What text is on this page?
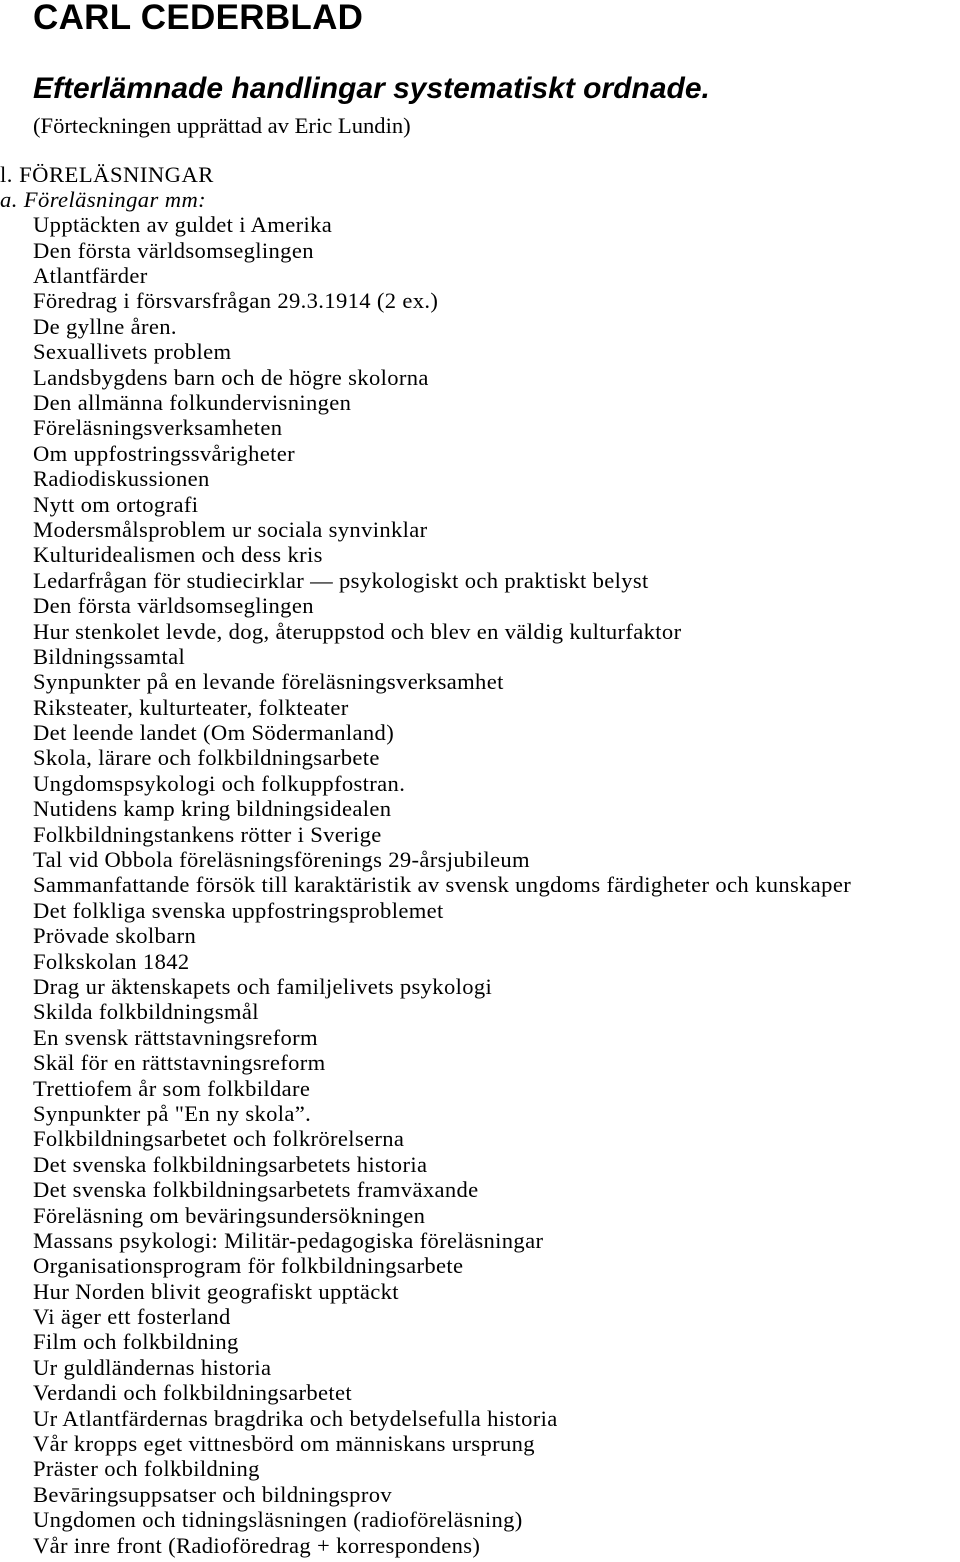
CARL CEDERBLAD
Efterlämnade handlingar systematiskt ordnade.

(Förteckningen upprättad av Eric Lundin)

l. FÖRELÄSNINGAR
a. Föreläsningar mm:
Upptäckten av guldet i Amerika
Den första världsomseglingen
Atlantfärder
Föredrag i försvarsfrågan 29.3.1914 (2 ex.)
De gyllne åren.
Sexuallivets problem
Landsbygdens barn och de högre skolorna
Den allmänna folkundervisningen
Föreläsningsverksamheten
Om uppfostringssvårigheter
Radiodiskussionen
Nytt om ortografi
Modersmålsproblem ur sociala synvinklar
Kulturidealismen och dess kris
Ledarfrågan för studiecirklar — psykologiskt och praktiskt belyst
Den första världsomseglingen
Hur stenkolet levde, dog, återuppstod och blev en väldig kulturfaktor
Bildningssamtal
Synpunkter på en levande föreläsningsverksamhet
Riksteater, kulturteater, folkteater
Det leende landet (Om Södermanland)
Skola, lärare och folkbildningsarbete
Ungdomspsykologi och folkuppfostran.
Nutidens kamp kring bildningsidealen
Folkbildningstankens rötter i Sverige
Tal vid Obbola föreläsningsförenings 29-årsjubileum
Sammanfattande försök till karaktäristik av svensk ungdoms färdigheter och kunskaper
Det folkliga svenska uppfostringsproblemet
Prövade skolbarn
Folkskolan 1842
Drag ur äktenskapets och familjelivets psykologi
Skilda folkbildningsmål
En svensk rättstavningsreform
Skäl för en rättstavningsreform
Trettiofem år som folkbildare
Synpunkter på "En ny skola”.
Folkbildningsarbetet och folkrörelserna
Det svenska folkbildningsarbetets historia
Det svenska folkbildningsarbetets framväxande
Föreläsning om beväringsundersökningen
Massans psykologi: Militär-pedagogiska föreläsningar
Organisationsprogram för folkbildningsarbete
Hur Norden blivit geografiskt upptäckt
Vi äger ett fosterland
Film och folkbildning
Ur guldländernas historia
Verdandi och folkbildningsarbetet
Ur Atlantfärdernas bragdrika och betydelsefulla historia
Vår kropps eget vittnesbörd om människans ursprung
Präster och folkbildning
Bevāringsuppsatser och bildningsprov
Ungdomen och tidningsläsningen (radioföreläsning)
Vår inre front (Radioföredrag + korrespondens)
